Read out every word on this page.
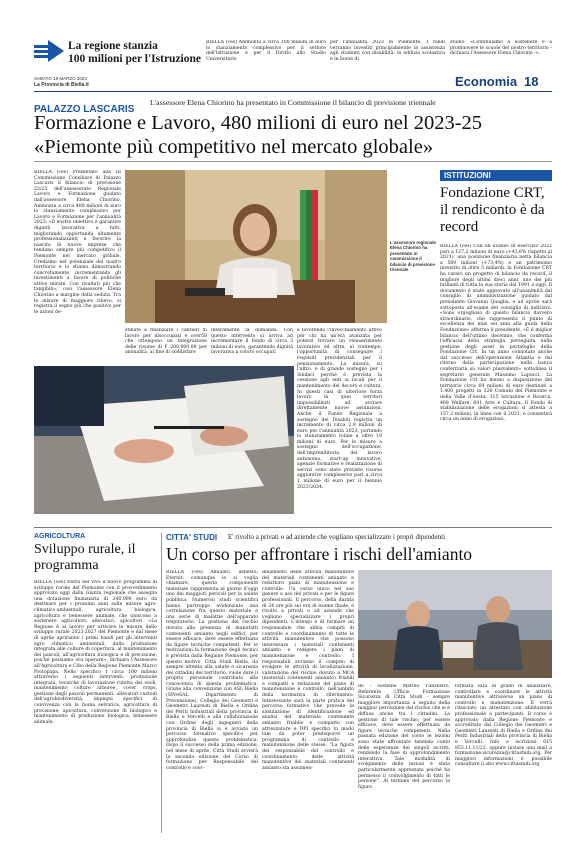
La regione stanzia
100 milioni per l'Istruzione
BIELLA (ces) Ammonta a circa 100 milioni di euro lo stanziamento complessivo per il settore dell'Istruzione e per il Diritto allo Studio Universitario
per l'annualità 2023 in Piemonte. I fondi verranno investiti principalmente in assistenza agli studenti con disabilità, in edilizia scolastica e in borse di
studio. «Continuiamo a sostenere e a promuovere le scuole del nostro territorio - dichiara l'Assessore Elena Chiorino -».
SABATO 18 MARZO 2023
La Provincia di Biella.it	Economia 18
PALAZZO LASCARIS
L'assessore Elena Chiorino ha presentato in Commissione il bilancio di previsione triennale
Formazione e Lavoro, 480 milioni di euro nel 2023-25
«Piemonte più competitivo nel mercato globale»
BIELLA (ces) Presentato alla III Commissione Consiliare di Palazzo Lascaris il bilancio di previsione 23/25 dell'assessorato Regionale Lavoro e Formazione guidato dall'assessore Elena Chiorino. Ammonta a circa 480 milioni di euro lo stanziamento complessivo per Lavoro e Formazione per l'annualità 2023: «Il nostro obiettivo è garantire dignità lavorativa a tutti, migliorando opportunità altamente professionalizzanti e favorire la nascita di nuove imprese che tendano sempre più competitivo il Piemonte nel mercato globale. Crediamo nel potenziale del nostro territorio e lo stiamo dimostrando concretamente, incrementando gli investimenti a favore di politiche attive mirate. Con risultati più che tangibili», così l'assessore Elena Chiorino a margine della seduta. Tra le misure di maggiore rilievo, si registra il segno più che positivo per le azioni de-
L'assessore regionale Elena Chiorino ha presentato in commissione il bilancio di previsione triennale
stinate a finanziare i cantieri di lavoro per disoccupati e over58 che ottengono un integrazione delle risorse di € 200.000,00 per annualità, al fine di soddisfare
interamente la domanda. Con questo intervento si arriva ad incrementare il fondo di circa 3 milioni di euro, garantendo dignità lavorativa a coloro occupati
e favorendo l'invecchiamento attivo per chi ha un'età avanzata per potersi trovare un reinserimento lavorativo ed oltre, al contempo, l'opportunità di conseguire i requisiti previdenziali per il pensionamento. La misura, su l'altro, è di grande sostegno per i Sindaci perché è prevista la cessione agli enti ai locali per il mantenimento del decoro e cultura. In questi casi di ulteriore forza lavoro in quei territori impossibilitati ad avviare direttamente nuove assunzioni. Anche il Fondo Regionale a sostegno dei Disabili registra un incremento di circa 2,9 milioni di euro per l'annualità 2023, portando lo stanziamento totale a oltre 18 milioni di euro. Per le misure a sostegno dell'occupazione, dell'imprenditoria, del lavoro autonomo, start-up innovative, agenzie formative e realizzazione di servizi sono state previste risorse aggiuntive complessive pari a circa 1 milione di euro per il biennio 2023/2024.
ISTITUZIONI
Fondazione CRT, il rendiconto è da record
BIELLA (ces) Con un avanzo di esercizio 2022 pari a 127,2 milioni di euro (+43,6% rispetto al 2021), una posizione finanziaria netta bilancia a 569 milioni (+73,4%) e un patrimonio investito di oltre 3 miliardi, la Fondazione CRT ha varato un progetto di bilancio da record, il migliore degli ultimi dieci anni, uno dei più brillanti di tutta la sua storia dal 1991 a oggi. Il documento è stato approvato all'unanimità dal consiglio di amministrazione guidato dal presidente Giovanni Quaglia, e ad aprile sarà sottoposto all'esame del consiglio di indirizzo. «Sono orgoglioso di questo bilancio davvero straordinario, che rappresenta il punto di eccellenza dei miei sei anni alla guida della Fondazione» afferma il presidente. «È il miglior bilancio dell'ultimo decennio, che conferma l'efficacia della strategia perseguita nella gestione degli asset in portafoglio della Fondazione Crt. In un anno connotato anche dal successo dell'operazione Atlantia e dal ritorno della partecipazione nella banca conferitaria su valori plusvalenti» sottolinea il segretario generale Massimo Lapucci. La Fondazione Crt ha messo a disposizione del territorio circa 69 milioni di euro destinati a 1.400 progetti in 326 Comuni del Piemonte e della Valle d'Aosta: 315 Istruzione e Ricerca, 468 Welfare, 601 Arte e Cultura. Il Fondo di stabilizzazione delle erogazioni si attesta a 157,2 milioni, in linea con il 2021, e consentirà circa un anno di erogazioni.
AGRICOLTURA
Sviluppo rurale, il programma
BIELLA (ces) Entra nel vivo il nuovo programma di sviluppo rurale del Piemonte con il provvedimento approvato oggi dalla Giunta regionale che assegna una dotazione finanziaria di 240.000 euro da destinare per i prossimi anni sulle misure agro-climatico-ambientali, agricoltura biologica, agricoltura e benessere animale, che uniscono a sostenere agricoltori, allevatori, apicoltori. «La Regione è al lavoro per attivare le misure dello sviluppo rurale 2023-2027 del Piemonte e dal mese di aprile apriranno i primi bandi per gli interventi agro climatico ambientali, dalla produzione integrata alle colture di copertura, al mantenimento dei pascoli, all'agricoltura biologica e di precisione, poiché possiamo ora operare», dichiara l'Assessore all'Agricoltura e Cibo della Regione Piemonte Marco Protopapa. Nello specifico 1 circa 100 milioni attraverso i seguenti interventi: produzione integrata, tecniche di lavorazione ridotta dei suoli, mantenimento colture arboree, cover crops, gestione degli pascoli permanenti, allevatori custodi dell'agrobiodiversità, impegni specifici di convivenza con la fauna selvatica, agricoltura di precisione, apicoltura, conversione di biologico e mantenimento di produzione biologica, benessere animale.
CITTA' STUDI E' rivolto a privati o ad aziende che vogliano specializzare i propri dipendenti
Un corso per affrontare i rischi dell'amianto
BIELLA (ces) Amianto, asbesto, Eternit: comunque lo si voglia chiamare, questo componente materiale rappresenta al giorno d'oggi uno dei maggiori pericoli per la salute pubblica. Numerosi studi scientifici hanno purtroppo evidenziato una correlazione fra questo materiale e una serie di malattie dell'apparato respiratorio. La gestione del rischio dovuta alla presenza di manufatti contenenti amianto negli edifici, per essere efficace, deve essere effettuata da figure tecniche competenti. Per le motivazioni la formazione degli tecnici è prevista dalla Regione Piemonte, per questo motivo. Città Studi Biella, da sempre attenta alla salute e sicurezza dei cittadini del territorio, vuole dare il proprio personale contributo alla conoscenza di questa problematica. Grazie alla convenzione con ASL Biella (SPreSAL Dipartimento di Prevenzione), Collegio dei Geometri e Geometri Laureati di Biella e Ordine dei Periti Industriali della provincia di Biella e Vercelli e alla collaborazione con Ordine degli ingegneri della provincia di Biella si è avviato un percorso formativo specifico per approfondire questa problematica. Dopo il successo della prima edizione, nel mese di aprile, Città Studi avvierà la seconda edizione del Corso di formazione per Responsabile del controllo e coor-
dinamento delle attività manutentive del materiali contenenti amianto e redattore piani di manutenzione e controllo. Un corso unico nel suo genere a uso dei privati e per le figure professionali. Il percorso, della durata di 24 ore più sei ore di esame finale, è rivolto a privati o ad aziende che vogliono specializzare i propri dipendenti. L'intento è di formare un responsabile che abbia compiti di controllo e coordinamento di tutte le attività manutentive che possono interessare i materiali contenenti amianto e redigere i piani di manutenzione e controllo. I responsabili avranno il compito di svolgere le attività di localizzazione, valutazione del rischio dovuto a MCA (materiali contenenti amianto) friabili e compatti e redazione del piano di manutenzione e controllo, nell'ambito della normativa di riferimento. Interessante sarà la parte pratica del percorso formativo che prevede la simulazione di identificazione ed analisi del materiale contenente amianto friabile e compatto con attrezzature e DPI specifici in modo tale da poter predisporre un programma di controllo e manutenzione delle stesse. "La figura del responsabile del controllo e coordinamento delle attività manutentive dei materiali contenenti amianto sta assumen-
do - sostiene Matteo Tunzelero, Referente Ufficio Formazione Sicurezza di Città Studi - sempre maggiore importanza a seguito della maggior percezione del rischio che si è diffusa anche tra i cittadini. La gestione di tale rischio, per essere efficace, deve essere effettuata da figure tecniche competenti. Nella passata edizione del corso le lezioni sono state affrontate tenendo conto delle esperienze dei singoli iscritti, rendendo la fase di approfondimento interattiva. Tale modalità di svolgimento delle lezioni è stata particolarmente apprezzata poiché ha permesso il coinvolgimento di tutti le persone". Al termine del percorso la figura
formata sarà in grado di analizzare, controllare e coordinare le attività manutentive attraverso un piano di controllo e manutenzione. Il verrà rilasciato un attestato con abilitazione professionale a partecipanti. Il corso è approvato dalla Regione Piemonte e accreditato dal Collegio dei Geometri e Geometri Laureati di Biella e Ordine dei Periti Industriali della provincia di Biella e Vercelli. Info e iscrizioni 015 855.11.11/22, oppure inviare una mail a formazione.sicurezza@cittastudi.org. Per maggiori informazioni è possibile consultare il sito www.cittastudi.org
